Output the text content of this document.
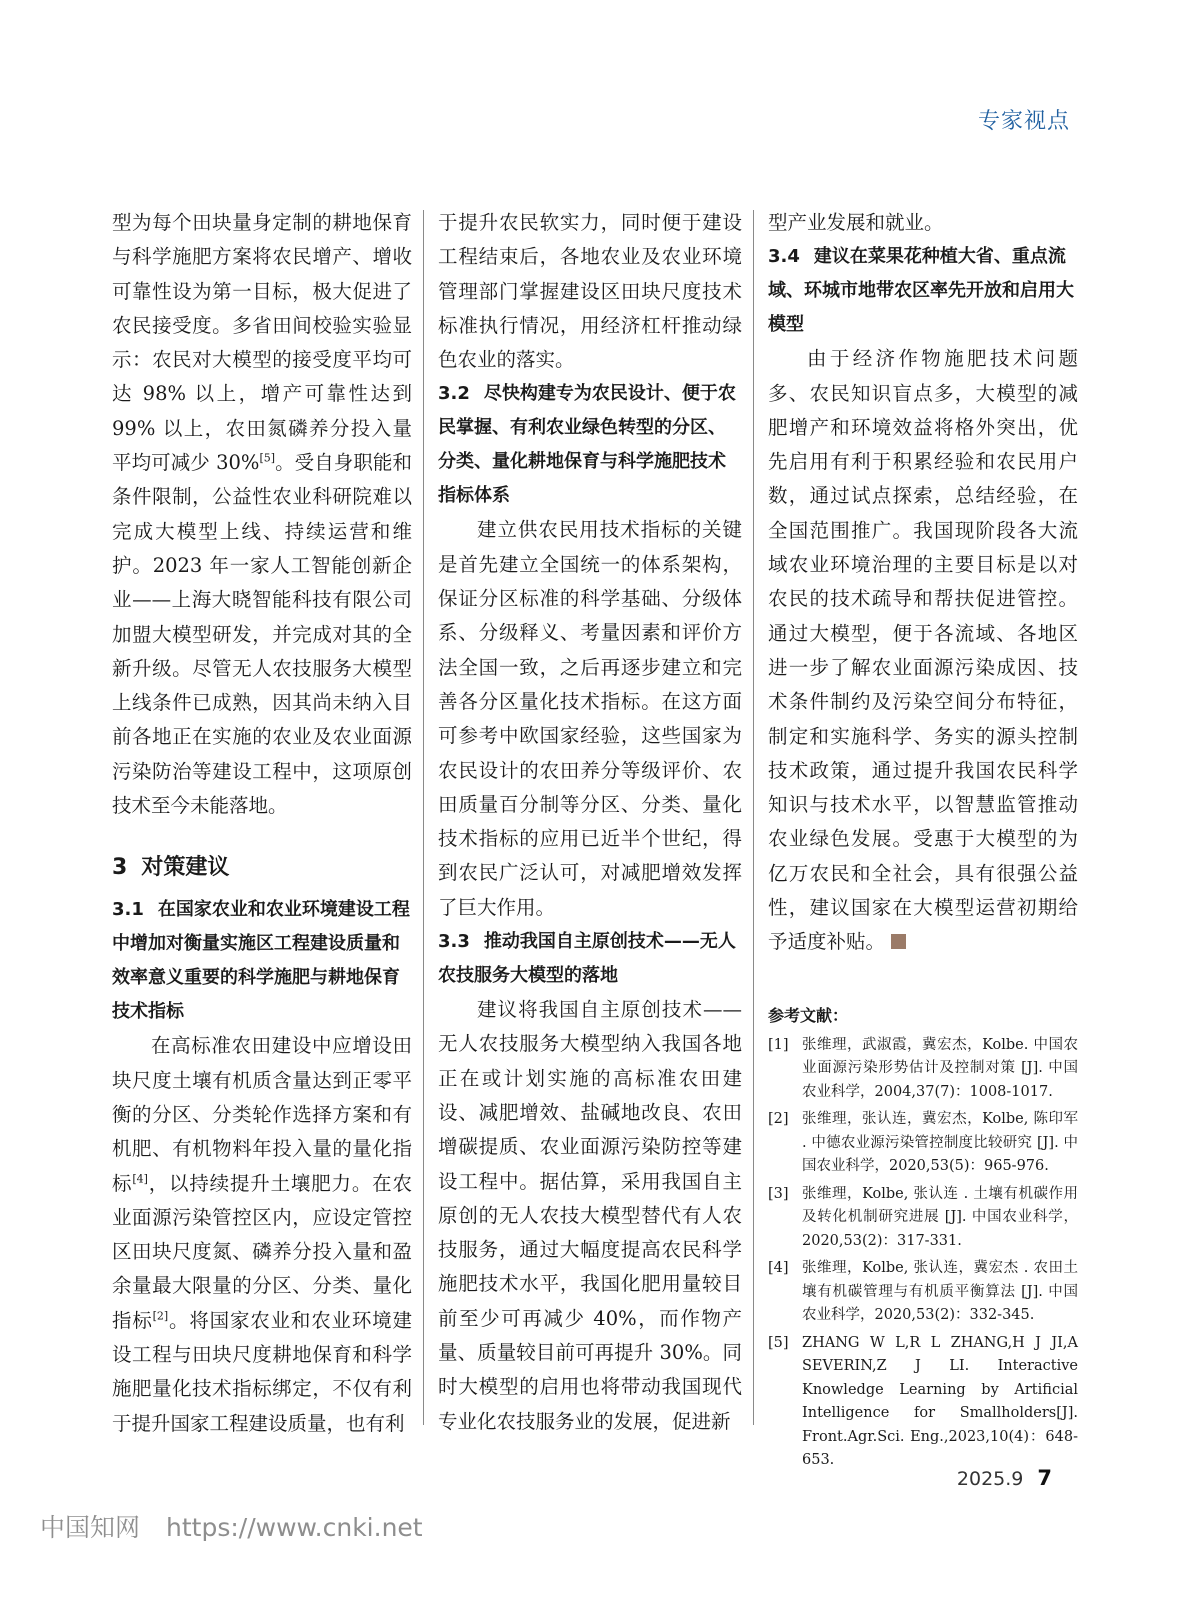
专家视点

型为每个田块量身定制的耕地保育与科学施肥方案将农民增产、增收可靠性设为第一目标，极大促进了农民接受度。多省田间校验实验显示：农民对大模型的接受度平均可达 98% 以上，增产可靠性达到 99% 以上，农田氮磷养分投入量平均可减少 30%[5]。受自身职能和条件限制，公益性农业科研院难以完成大模型上线、持续运营和维护。2023 年一家人工智能创新企业——上海大晓智能科技有限公司加盟大模型研发，并完成对其的全新升级。尽管无人农技服务大模型上线条件已成熟，因其尚未纳入目前各地正在实施的农业及农业面源污染防治等建设工程中，这项原创技术至今未能落地。

3 对策建议
3.1 在国家农业和农业环境建设工程中增加对衡量实施区工程建设质量和效率意义重要的科学施肥与耕地保育技术指标

在高标准农田建设中应增设田块尺度土壤有机质含量达到正零平衡的分区、分类轮作选择方案和有机肥、有机物料年投入量的量化指标[4]，以持续提升土壤肥力。在农业面源污染管控区内，应设定管控区田块尺度氮、磷养分投入量和盈余量最大限量的分区、分类、量化指标[2]。将国家农业和农业环境建设工程与田块尺度耕地保育和科学施肥量化技术指标绑定，不仅有利于提升国家工程建设质量，也有利

于提升农民软实力，同时便于建设工程结束后，各地农业及农业环境管理部门掌握建设区田块尺度技术标准执行情况，用经济杠杆推动绿色农业的落实。

3.2 尽快构建专为农民设计、便于农民掌握、有利农业绿色转型的分区、分类、量化耕地保育与科学施肥技术指标体系

建立供农民用技术指标的关键是首先建立全国统一的体系架构，保证分区标准的科学基础、分级体系、分级释义、考量因素和评价方法全国一致，之后再逐步建立和完善各分区量化技术指标。在这方面可参考中欧国家经验，这些国家为农民设计的农田养分等级评价、农田质量百分制等分区、分类、量化技术指标的应用已近半个世纪，得到农民广泛认可，对减肥增效发挥了巨大作用。

3.3 推动我国自主原创技术——无人农技服务大模型的落地

建议将我国自主原创技术——无人农技服务大模型纳入我国各地正在或计划实施的高标准农田建设、减肥增效、盐碱地改良、农田增碳提质、农业面源污染防控等建设工程中。据估算，采用我国自主原创的无人农技大模型替代有人农技服务，通过大幅度提高农民科学施肥技术水平，我国化肥用量较目前至少可再减少 40%，而作物产量、质量较目前可再提升 30%。同时大模型的启用也将带动我国现代专业化农技服务业的发展，促进新

型产业发展和就业。

3.4 建议在菜果花种植大省、重点流域、环城市地带农区率先开放和启用大模型

由于经济作物施肥技术问题多、农民知识盲点多，大模型的减肥增产和环境效益将格外突出，优先启用有利于积累经验和农民用户数，通过试点探索，总结经验，在全国范围推广。我国现阶段各大流域农业环境治理的主要目标是以对农民的技术疏导和帮扶促进管控。通过大模型，便于各流域、各地区进一步了解农业面源污染成因、技术条件制约及污染空间分布特征，制定和实施科学、务实的源头控制技术政策，通过提升我国农民科学知识与技术水平，以智慧监管推动农业绿色发展。受惠于大模型的为亿万农民和全社会，具有很强公益性，建议国家在大模型运营初期给予适度补贴。

参考文献：
[1] 张维理，武淑霞，冀宏杰，Kolbe. 中国农业面源污染形势估计及控制对策 [J]. 中国农业科学，2004,37(7)：1008-1017.
[2] 张维理，张认连，冀宏杰，Kolbe, 陈印军 . 中德农业源污染管控制度比较研究 [J]. 中国农业科学，2020,53(5)：965-976.
[3] 张维理，Kolbe, 张认连 . 土壤有机碳作用及转化机制研究进展 [J]. 中国农业科学，2020,53(2)：317-331.
[4] 张维理，Kolbe, 张认连，冀宏杰 . 农田土壤有机碳管理与有机质平衡算法 [J]. 中国农业科学，2020,53(2)：332-345.
[5] ZHANG W L,R L ZHANG,H J JI,A SEVERIN,Z J LI. Interactive Knowledge Learning by Artificial Intelligence for Smallholders[J]. Front.Agr.Sci. Eng.,2023,10(4)：648-653.
2025.9 7
中国知网 https://www.cnki.net
